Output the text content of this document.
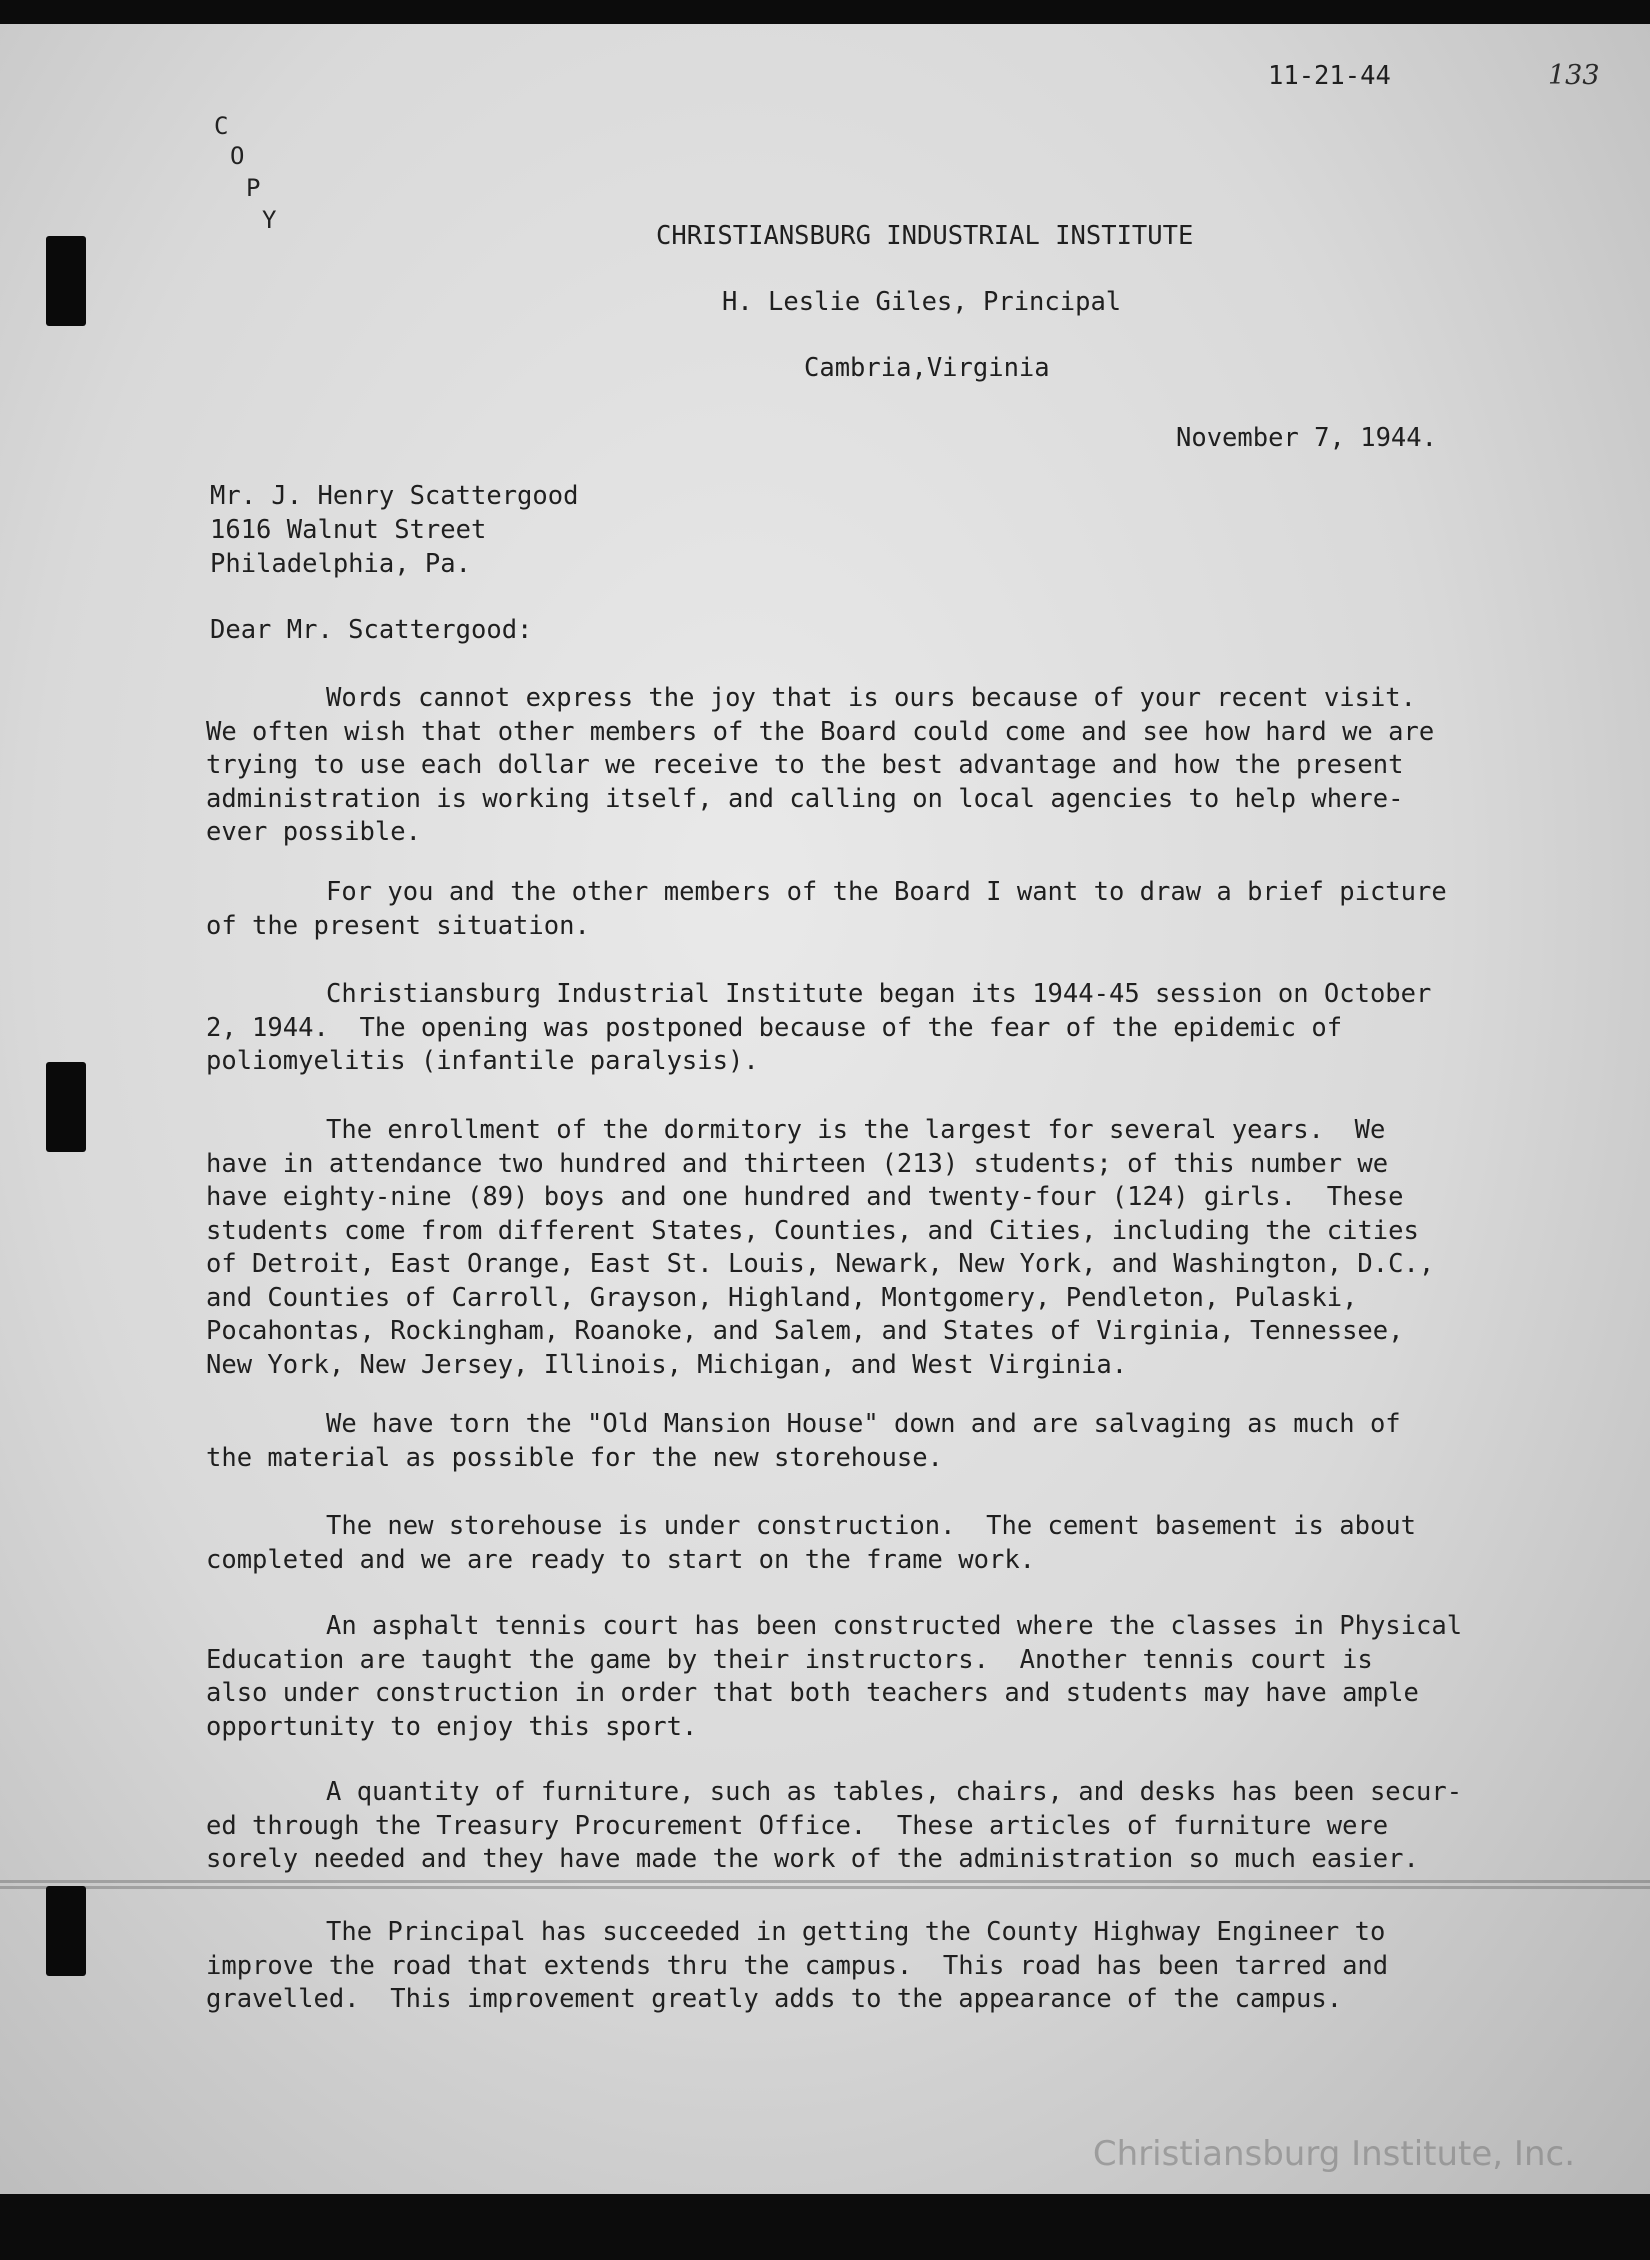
11-21-44	133
C
O
P
Y
CHRISTIANSBURG INDUSTRIAL INSTITUTE
H. Leslie Giles, Principal
Cambria,Virginia
November 7, 1944.
Mr. J. Henry Scattergood
1616 Walnut Street
Philadelphia, Pa.
Dear Mr. Scattergood:
Words cannot express the joy that is ours because of your recent visit.
We often wish that other members of the Board could come and see how hard we are
trying to use each dollar we receive to the best advantage and how the present
administration is working itself, and calling on local agencies to help where-
ever possible.
For you and the other members of the Board I want to draw a brief picture
of the present situation.
Christiansburg Industrial Institute began its 1944-45 session on October
2, 1944.  The opening was postponed because of the fear of the epidemic of
poliomyelitis (infantile paralysis).
The enrollment of the dormitory is the largest for several years.  We
have in attendance two hundred and thirteen (213) students; of this number we
have eighty-nine (89) boys and one hundred and twenty-four (124) girls.  These
students come from different States, Counties, and Cities, including the cities
of Detroit, East Orange, East St. Louis, Newark, New York, and Washington, D.C.,
and Counties of Carroll, Grayson, Highland, Montgomery, Pendleton, Pulaski,
Pocahontas, Rockingham, Roanoke, and Salem, and States of Virginia, Tennessee,
New York, New Jersey, Illinois, Michigan, and West Virginia.
We have torn the "Old Mansion House" down and are salvaging as much of
the material as possible for the new storehouse.
The new storehouse is under construction.  The cement basement is about
completed and we are ready to start on the frame work.
An asphalt tennis court has been constructed where the classes in Physical
Education are taught the game by their instructors.  Another tennis court is
also under construction in order that both teachers and students may have ample
opportunity to enjoy this sport.
A quantity of furniture, such as tables, chairs, and desks has been secur-
ed through the Treasury Procurement Office.  These articles of furniture were
sorely needed and they have made the work of the administration so much easier.
The Principal has succeeded in getting the County Highway Engineer to
improve the road that extends thru the campus.  This road has been tarred and
gravelled.  This improvement greatly adds to the appearance of the campus.
Christiansburg Institute, Inc.
